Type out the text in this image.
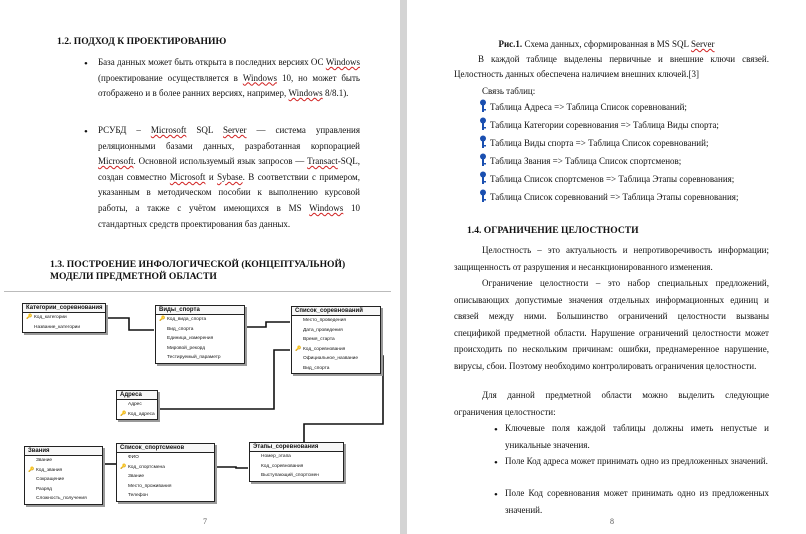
1.2. ПОДХОД К ПРОЕКТИРОВАНИЮ
• База данных может быть открыта в последних версиях ОС Windows (проектирование осуществляется в Windows 10, но может быть отображено и в более ранних версиях, например, Windows 8/8.1).

• РСУБД – Microsoft SQL Server — система управления реляционными базами данных, разработанная корпорацией Microsoft. Основной используемый язык запросов — Transact-SQL, создан совместно Microsoft и Sybase. В соответствии с примером, указанным в методическом пособии к выполнению курсовой работы, а также с учётом имеющихся в MS Windows 10 стандартных средств проектирования баз данных.

1.3. ПОСТРОЕНИЕ ИНФОЛОГИЧЕСКОЙ (КОНЦЕПТУАЛЬНОЙ)
МОДЕЛИ ПРЕДМЕТНОЙ ОБЛАСТИ
Категории_соревнования
🔑 Код_категории
Название_категории
Виды_спорта
🔑 Код_вида_спорта
Вид_спорта
Единица_измерения
Мировой_рекорд
Тестируемый_параметр
Список_соревнований
Место_проведения
Дата_проведения
Время_старта
🔑 Код_соревнования
Официальное_название
Вид_спорта
Адреса
Адрес
🔑 Код_адреса
Звания
Звание
🔑 Код_звания
Сокращение
Разряд
Сложность_получения
Список_спортсменов
ФИО
🔑 Код_спортсмена
Звание
Место_проживания
Телефон
Этапы_соревнования
Номер_этапа
Код_соревнования
Выступающий_спортсмен
7
Рис.1. Схема данных, сформированная в MS SQL Server

В каждой таблице выделены первичные и внешние ключи связей. Целостность данных обеспечена наличием внешних ключей.[3]

Связь таблиц:

Таблица Адреса => Таблица Список соревнований;
Таблица Категории соревнования => Таблица Виды спорта;
Таблица Виды спорта => Таблица Список соревнований;
Таблица Звания => Таблица Список спортсменов;
Таблица Список спортсменов => Таблица Этапы соревнования;
Таблица Список соревнований => Таблица Этапы соревнования;
1.4. ОГРАНИЧЕНИЕ ЦЕЛОСТНОСТИ

Целостность – это актуальность и непротиворечивость информации; защищенность от разрушения и несанкционированного изменения.

Ограничение целостности – это набор специальных предложений, описывающих допустимые значения отдельных информационных единиц и связей между ними. Большинство ограничений целостности вызваны спецификой предметной области. Нарушение ограничений целостности может происходить по нескольким причинам: ошибки, преднамеренное нарушение, вирусы, сбои. Поэтому необходимо контролировать ограничения целостности.

Для данной предметной области можно выделить следующие ограничения целостности:

• Ключевые поля каждой таблицы должны иметь непустые и уникальные значения.

• Поле Код адреса может принимать одно из предложенных значений.

• Поле Код соревнования может принимать одно из предложенных значений.

8
